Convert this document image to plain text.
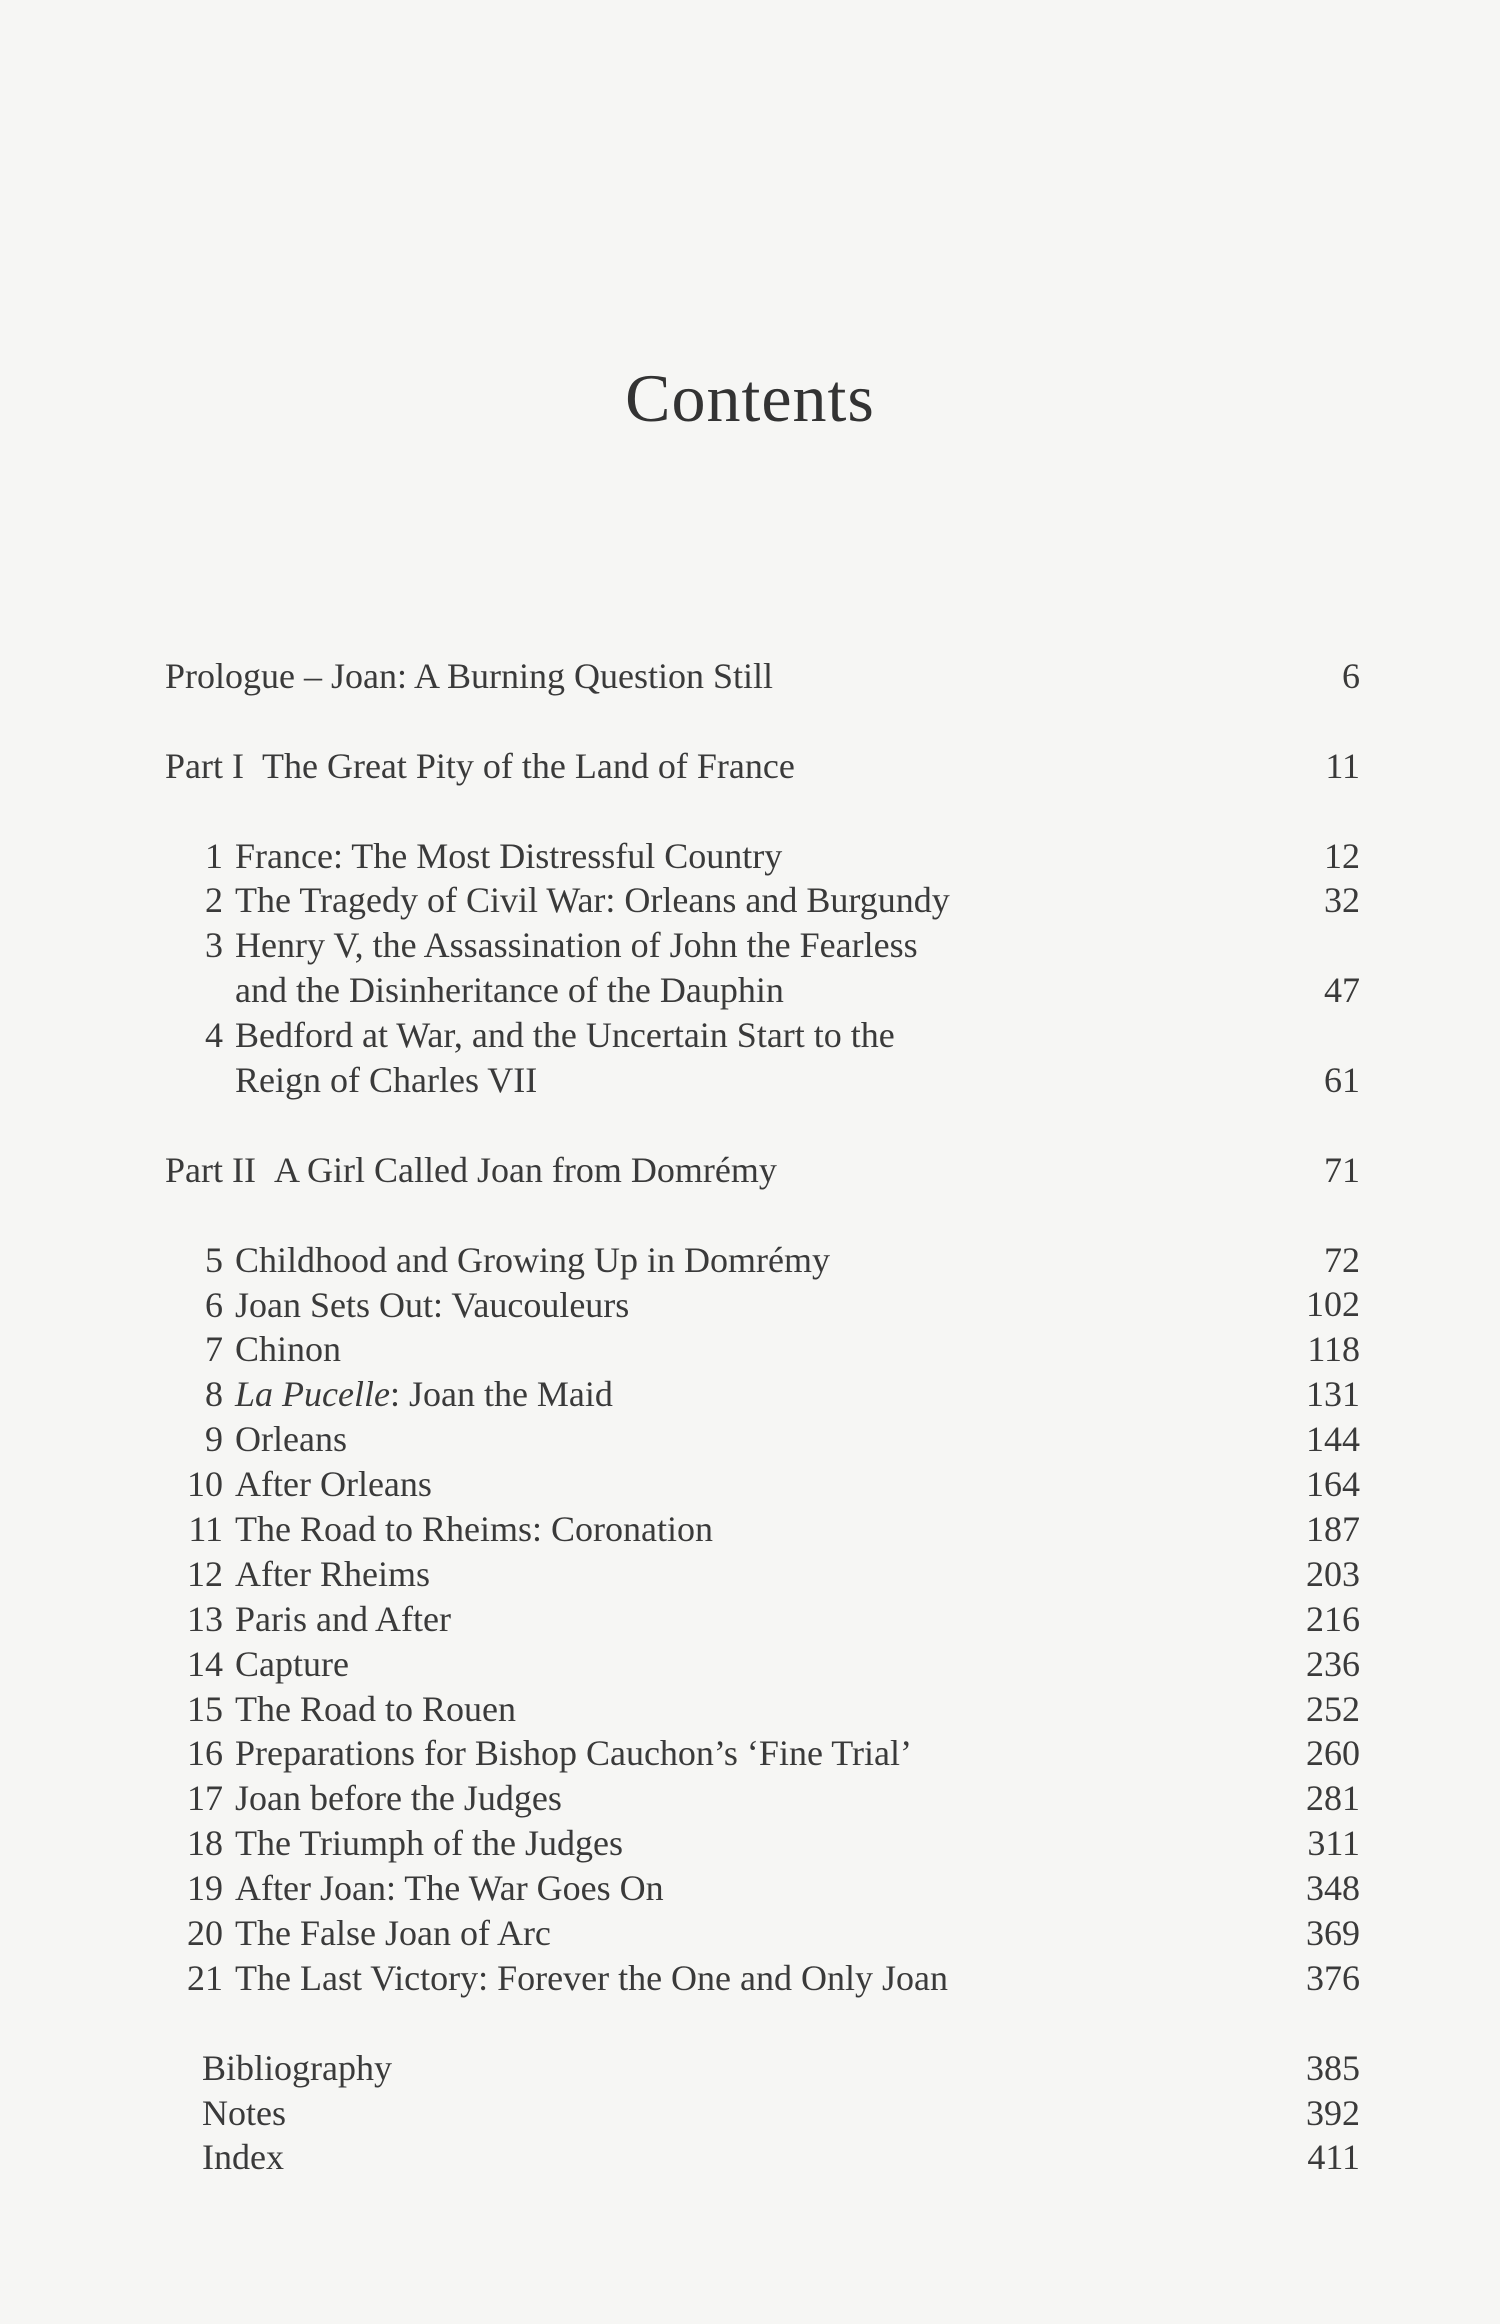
Contents
Prologue – Joan: A Burning Question Still	6
Part I The Great Pity of the Land of France	11
1 France: The Most Distressful Country	12
2 The Tragedy of Civil War: Orleans and Burgundy	32
3 Henry V, the Assassination of John the Fearless
and the Disinheritance of the Dauphin	47
4 Bedford at War, and the Uncertain Start to the
Reign of Charles VII	61
Part II A Girl Called Joan from Domrémy	71
5 Childhood and Growing Up in Domrémy	72
6 Joan Sets Out: Vaucouleurs	102
7 Chinon	118
8 La Pucelle: Joan the Maid	131
9 Orleans	144
10 After Orleans	164
11 The Road to Rheims: Coronation	187
12 After Rheims	203
13 Paris and After	216
14 Capture	236
15 The Road to Rouen	252
16 Preparations for Bishop Cauchon’s ‘Fine Trial’	260
17 Joan before the Judges	281
18 The Triumph of the Judges	311
19 After Joan: The War Goes On	348
20 The False Joan of Arc	369
21 The Last Victory: Forever the One and Only Joan	376
Bibliography	385
Notes	392
Index	411
